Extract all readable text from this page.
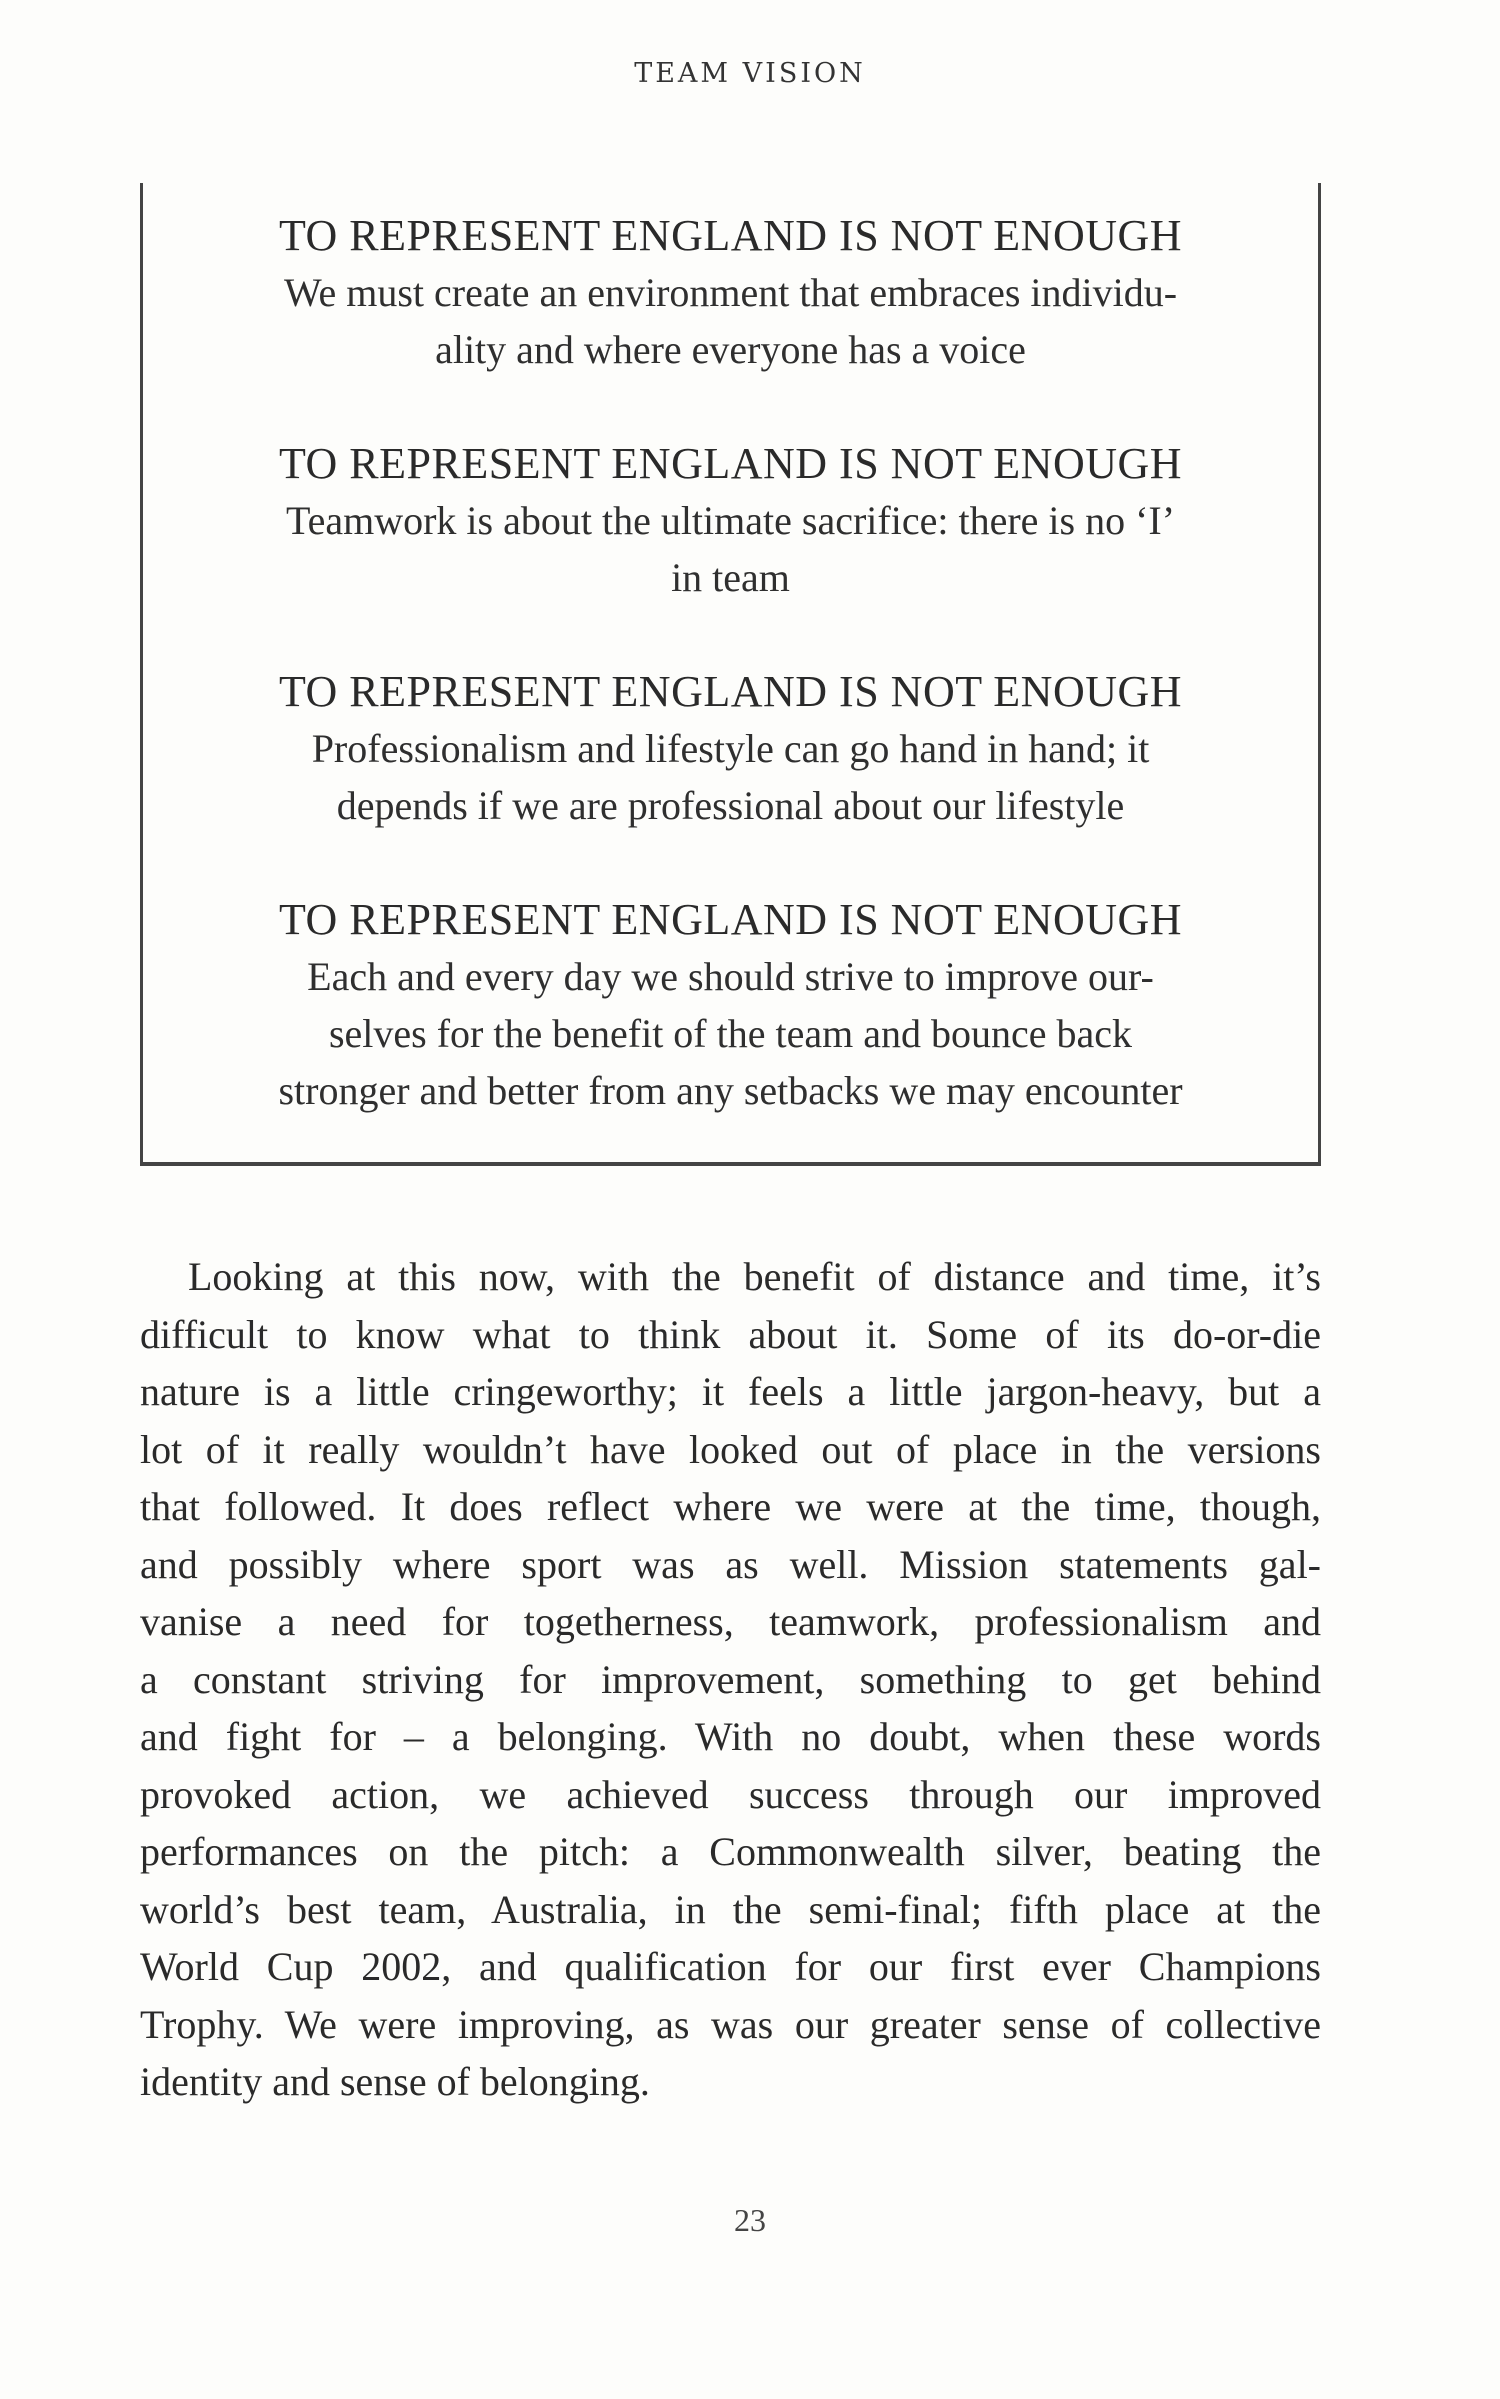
TEAM VISION
TO REPRESENT ENGLAND IS NOT ENOUGH
We must create an environment that embraces individu-
ality and where everyone has a voice
TO REPRESENT ENGLAND IS NOT ENOUGH
Teamwork is about the ultimate sacrifice: there is no ‘I’
in team
TO REPRESENT ENGLAND IS NOT ENOUGH
Professionalism and lifestyle can go hand in hand; it
depends if we are professional about our lifestyle
TO REPRESENT ENGLAND IS NOT ENOUGH
Each and every day we should strive to improve our-
selves for the benefit of the team and bounce back
stronger and better from any setbacks we may encounter
Looking at this now, with the benefit of distance and time, it’s
difficult to know what to think about it. Some of its do-or-die
nature is a little cringeworthy; it feels a little jargon-heavy, but a
lot of it really wouldn’t have looked out of place in the versions
that followed. It does reflect where we were at the time, though,
and possibly where sport was as well. Mission statements gal-
vanise a need for togetherness, teamwork, professionalism and
a constant striving for improvement, something to get behind
and fight for – a belonging. With no doubt, when these words
provoked action, we achieved success through our improved
performances on the pitch: a Commonwealth silver, beating the
world’s best team, Australia, in the semi-final; fifth place at the
World Cup 2002, and qualification for our first ever Champions
Trophy. We were improving, as was our greater sense of collective
identity and sense of belonging.
23
